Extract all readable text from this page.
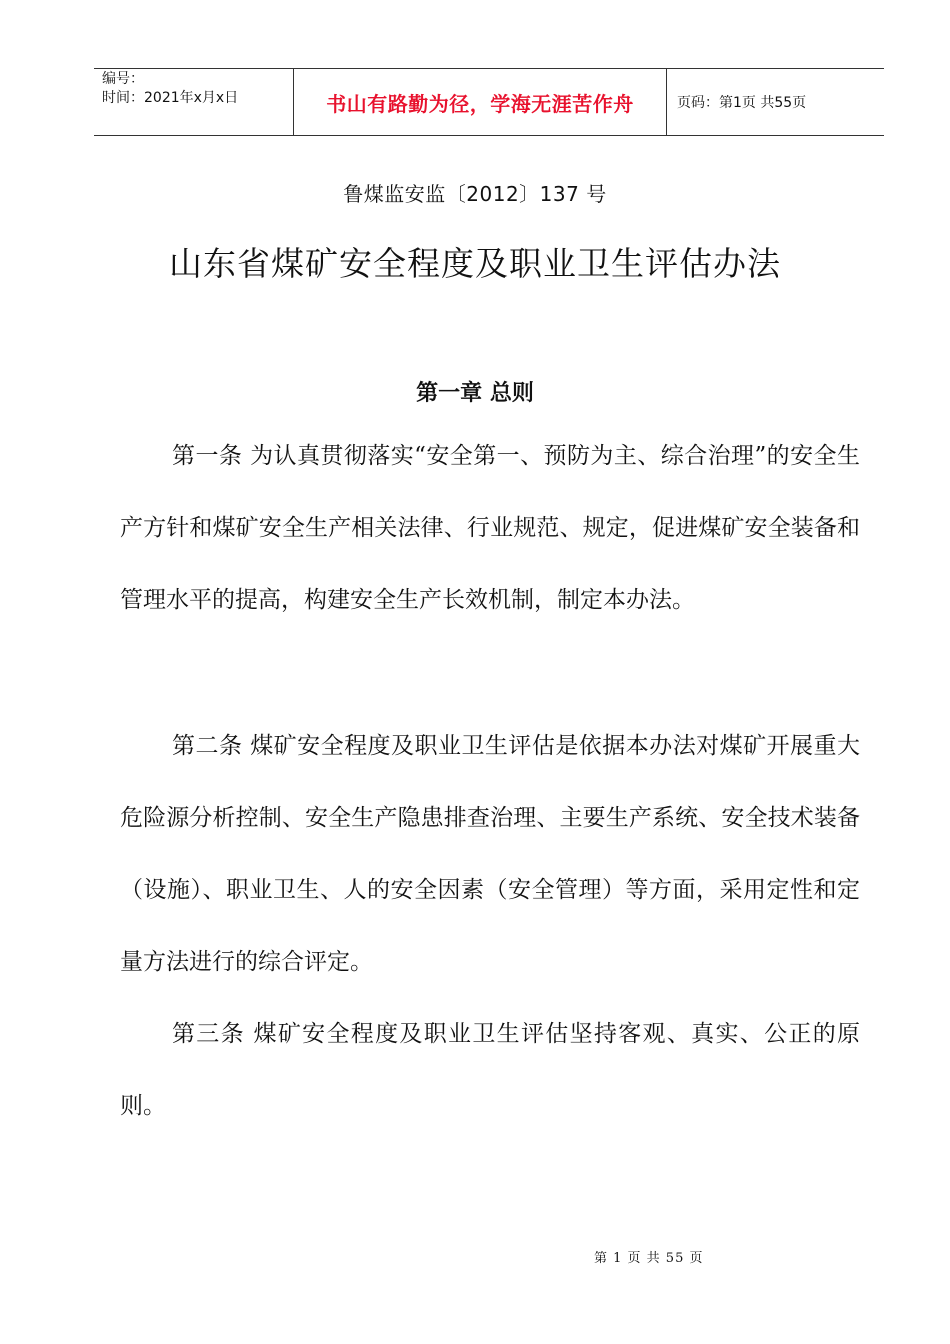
编号：
时间：2021年x月x日	书山有路勤为径，学海无涯苦作舟	页码：第1页 共55页
鲁煤监安监〔2012〕137 号
山东省煤矿安全程度及职业卫生评估办法
第一章 总则

第一条 为认真贯彻落实“安全第一、预防为主、综合治理”的安全生产方针和煤矿安全生产相关法律、行业规范、规定，促进煤矿安全装备和管理水平的提高，构建安全生产长效机制，制定本办法。

第二条 煤矿安全程度及职业卫生评估是依据本办法对煤矿开展重大危险源分析控制、安全生产隐患排查治理、主要生产系统、安全技术装备（设施）、职业卫生、人的安全因素（安全管理）等方面，采用定性和定量方法进行的综合评定。

第三条 煤矿安全程度及职业卫生评估坚持客观、真实、公正的原则。

第 1 页 共 55 页
